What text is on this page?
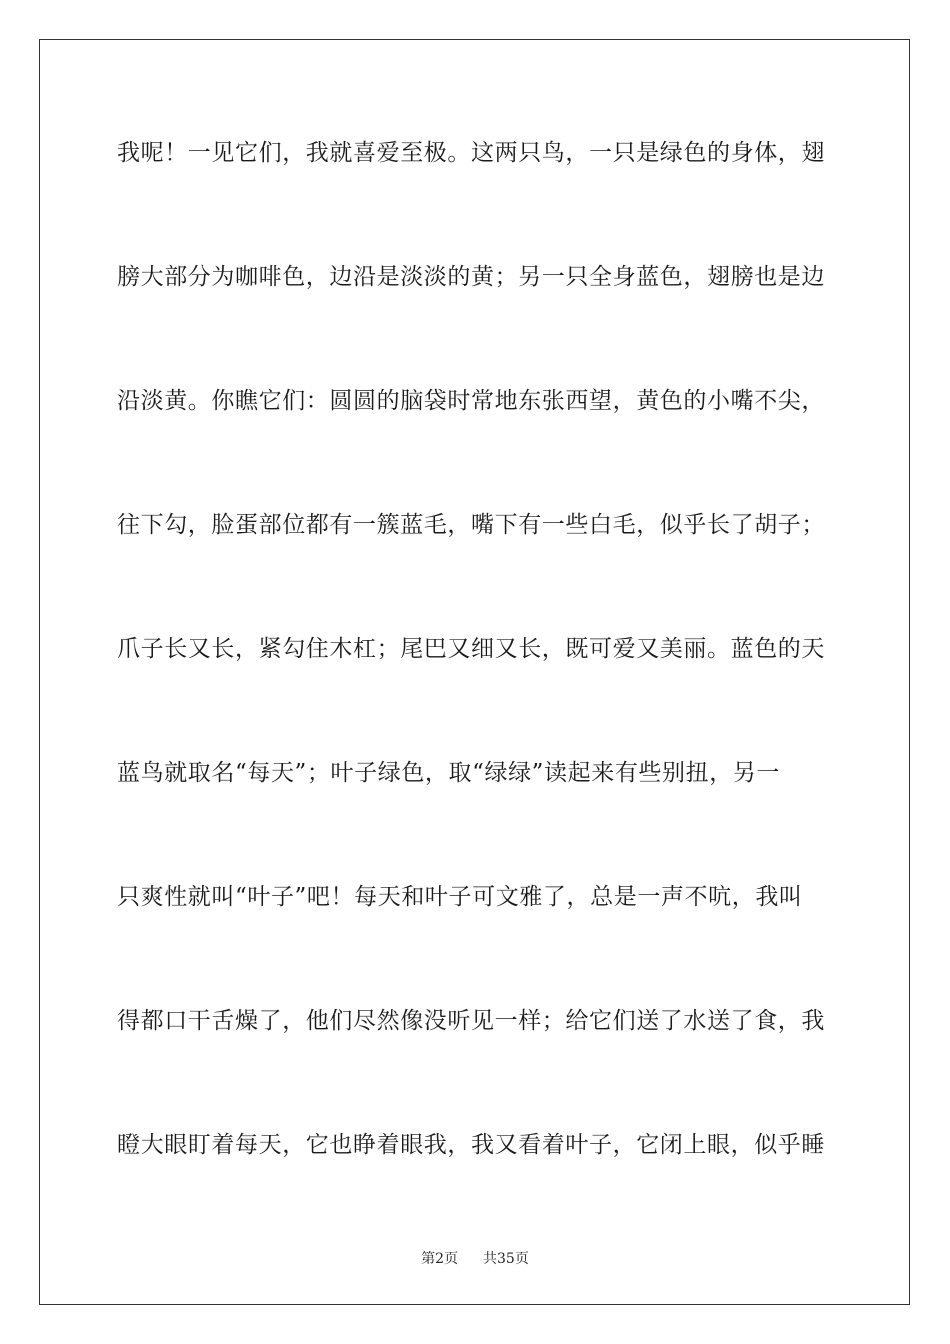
我呢！一见它们，我就喜爱至极。这两只鸟，一只是绿色的身体，翅
膀大部分为咖啡色，边沿是淡淡的黄；另一只全身蓝色，翅膀也是边
沿淡黄。你瞧它们：圆圆的脑袋时常地东张西望，黄色的小嘴不尖，
往下勾，脸蛋部位都有一簇蓝毛，嘴下有一些白毛，似乎长了胡子；
爪子长又长，紧勾住木杠；尾巴又细又长，既可爱又美丽。蓝色的天
蓝鸟就取名“每天”；叶子绿色，取“绿绿”读起来有些别扭，另一
只爽性就叫“叶子”吧！每天和叶子可文雅了，总是一声不吭，我叫
得都口干舌燥了，他们尽然像没听见一样；给它们送了水送了食，我
瞪大眼盯着每天，它也睁着眼我，我又看着叶子，它闭上眼，似乎睡
第2页 共35页
